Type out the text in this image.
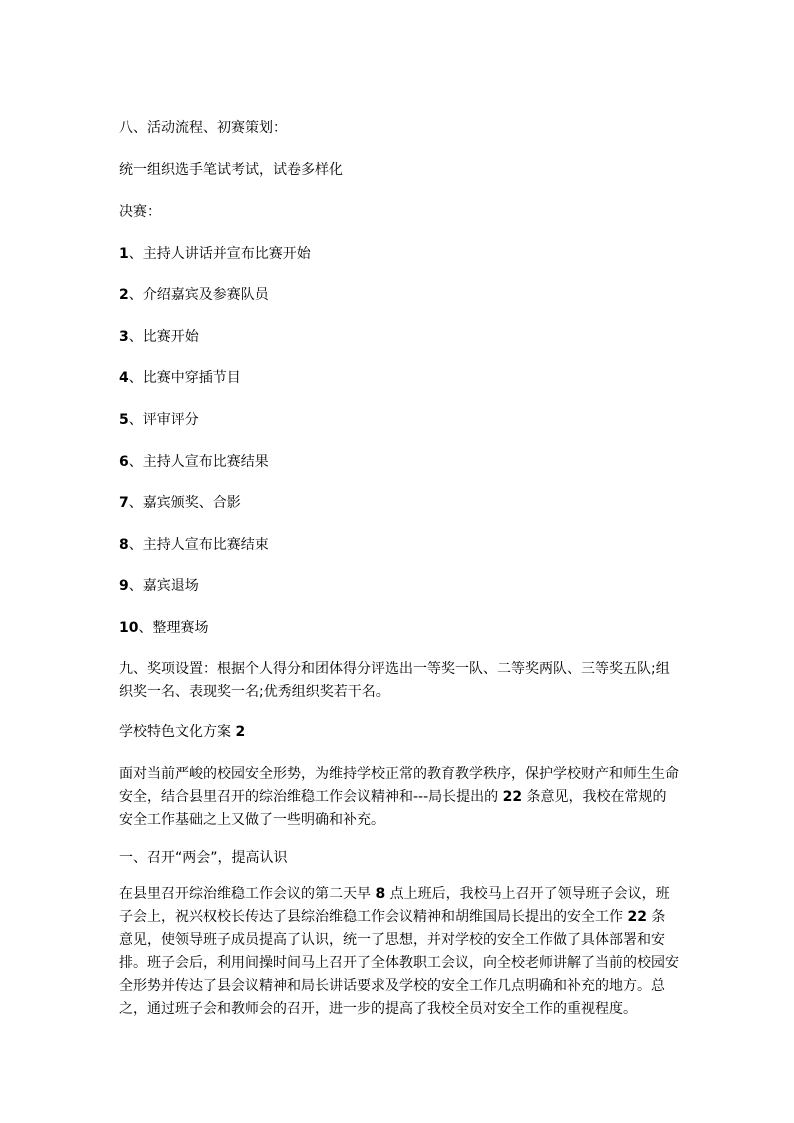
八、活动流程、初赛策划：

统一组织选手笔试考试，试卷多样化

决赛：

1、主持人讲话并宣布比赛开始

2、介绍嘉宾及参赛队员

3、比赛开始

4、比赛中穿插节目

5、评审评分

6、主持人宣布比赛结果

7、嘉宾颁奖、合影

8、主持人宣布比赛结束

9、嘉宾退场

10、整理赛场

九、奖项设置：根据个人得分和团体得分评选出一等奖一队、二等奖两队、三等奖五队;组织奖一名、表现奖一名;优秀组织奖若干名。

学校特色文化方案 2

面对当前严峻的校园安全形势，为维持学校正常的教育教学秩序，保护学校财产和师生生命安全，结合县里召开的综治维稳工作会议精神和---局长提出的 22 条意见，我校在常规的安全工作基础之上又做了一些明确和补充。

一、召开“两会”，提高认识

在县里召开综治维稳工作会议的第二天早 8 点上班后，我校马上召开了领导班子会议，班子会上，祝兴权校长传达了县综治维稳工作会议精神和胡维国局长提出的安全工作 22 条意见，使领导班子成员提高了认识，统一了思想，并对学校的安全工作做了具体部署和安排。班子会后，利用间操时间马上召开了全体教职工会议，向全校老师讲解了当前的校园安全形势并传达了县会议精神和局长讲话要求及学校的安全工作几点明确和补充的地方。总之，通过班子会和教师会的召开，进一步的提高了我校全员对安全工作的重视程度。
